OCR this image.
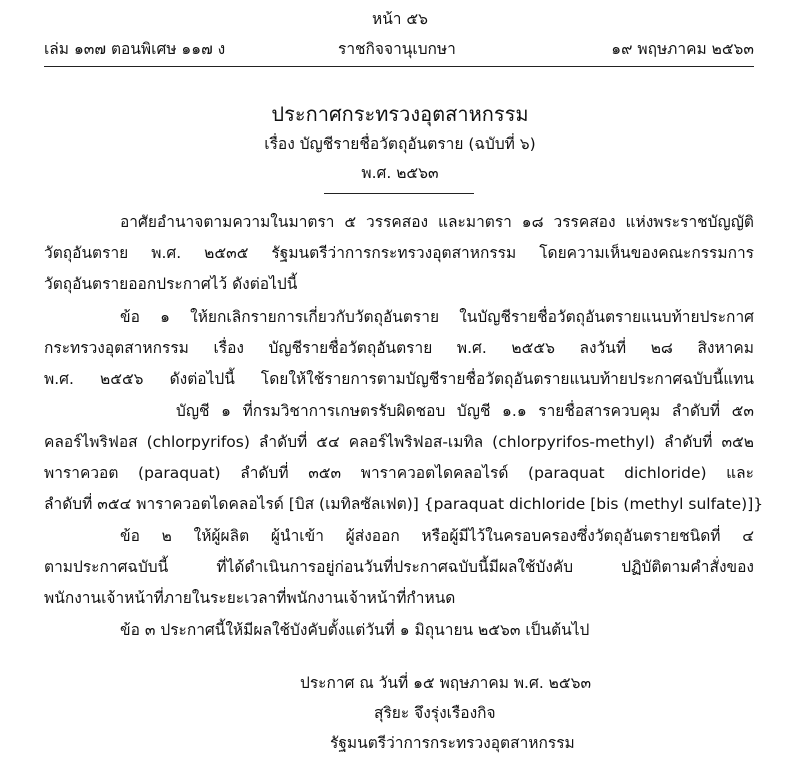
หน้า ๕๖
เล่ม ๑๓๗ ตอนพิเศษ ๑๑๗ ง	ราชกิจจานุเบกษา	๑๙ พฤษภาคม ๒๕๖๓
ประกาศกระทรวงอุตสาหกรรม
เรื่อง บัญชีรายชื่อวัตถุอันตราย (ฉบับที่ ๖)
พ.ศ. ๒๕๖๓
อาศัยอำนาจตามความในมาตรา ๕ วรรคสอง และมาตรา ๑๘ วรรคสอง แห่งพระราชบัญญัติ
วัตถุอันตราย พ.ศ. ๒๕๓๕ รัฐมนตรีว่าการกระทรวงอุตสาหกรรม โดยความเห็นของคณะกรรมการ
วัตถุอันตรายออกประกาศไว้ ดังต่อไปนี้
ข้อ ๑ ให้ยกเลิกรายการเกี่ยวกับวัตถุอันตราย ในบัญชีรายชื่อวัตถุอันตรายแนบท้ายประกาศ
กระทรวงอุตสาหกรรม เรื่อง บัญชีรายชื่อวัตถุอันตราย พ.ศ. ๒๕๕๖ ลงวันที่ ๒๘ สิงหาคม
พ.ศ. ๒๕๕๖ ดังต่อไปนี้ โดยให้ใช้รายการตามบัญชีรายชื่อวัตถุอันตรายแนบท้ายประกาศฉบับนี้แทน
บัญชี ๑ ที่กรมวิชาการเกษตรรับผิดชอบ บัญชี ๑.๑ รายชื่อสารควบคุม ลำดับที่ ๕๓
คลอร์ไพริฟอส (chlorpyrifos) ลำดับที่ ๕๔ คลอร์ไพริฟอส-เมทิล (chlorpyrifos-methyl) ลำดับที่ ๓๕๒
พาราควอต (paraquat) ลำดับที่ ๓๕๓ พาราควอตไดคลอไรด์ (paraquat dichloride) และ
ลำดับที่ ๓๕๔ พาราควอตไดคลอไรด์ [บิส (เมทิลซัลเฟต)] {paraquat dichloride [bis (methyl sulfate)]}
ข้อ ๒ ให้ผู้ผลิต ผู้นำเข้า ผู้ส่งออก หรือผู้มีไว้ในครอบครองซึ่งวัตถุอันตรายชนิดที่ ๔
ตามประกาศฉบับนี้ ที่ได้ดำเนินการอยู่ก่อนวันที่ประกาศฉบับนี้มีผลใช้บังคับ ปฏิบัติตามคำสั่งของ
พนักงานเจ้าหน้าที่ภายในระยะเวลาที่พนักงานเจ้าหน้าที่กำหนด
ข้อ ๓ ประกาศนี้ให้มีผลใช้บังคับตั้งแต่วันที่ ๑ มิถุนายน ๒๕๖๓ เป็นต้นไป
ประกาศ ณ วันที่ ๑๕ พฤษภาคม พ.ศ. ๒๕๖๓
สุริยะ จึงรุ่งเรืองกิจ
รัฐมนตรีว่าการกระทรวงอุตสาหกรรม
